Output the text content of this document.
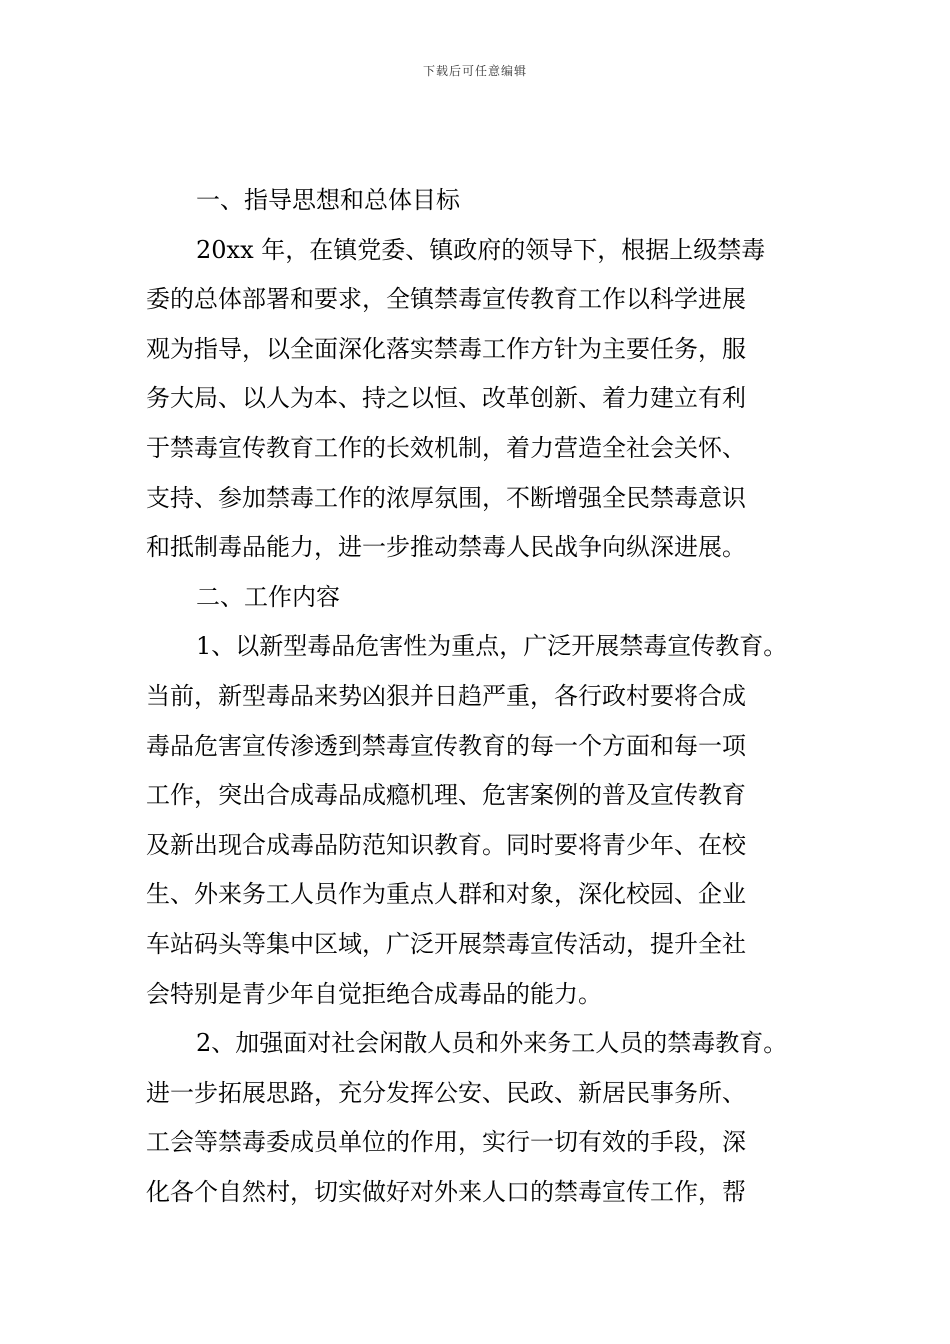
下载后可任意编辑
一、指导思想和总体目标
20xx 年，在镇党委、镇政府的领导下，根据上级禁毒
委的总体部署和要求，全镇禁毒宣传教育工作以科学进展
观为指导，以全面深化落实禁毒工作方针为主要任务，服
务大局、以人为本、持之以恒、改革创新、着力建立有利
于禁毒宣传教育工作的长效机制，着力营造全社会关怀、
支持、参加禁毒工作的浓厚氛围，不断增强全民禁毒意识
和抵制毒品能力，进一步推动禁毒人民战争向纵深进展。
二、工作内容
1、以新型毒品危害性为重点，广泛开展禁毒宣传教育。
当前，新型毒品来势凶狠并日趋严重，各行政村要将合成
毒品危害宣传渗透到禁毒宣传教育的每一个方面和每一项
工作，突出合成毒品成瘾机理、危害案例的普及宣传教育
及新出现合成毒品防范知识教育。同时要将青少年、在校
生、外来务工人员作为重点人群和对象，深化校园、企业
车站码头等集中区域，广泛开展禁毒宣传活动，提升全社
会特别是青少年自觉拒绝合成毒品的能力。
2、加强面对社会闲散人员和外来务工人员的禁毒教育。
进一步拓展思路，充分发挥公安、民政、新居民事务所、
工会等禁毒委成员单位的作用，实行一切有效的手段，深
化各个自然村，切实做好对外来人口的禁毒宣传工作，帮
